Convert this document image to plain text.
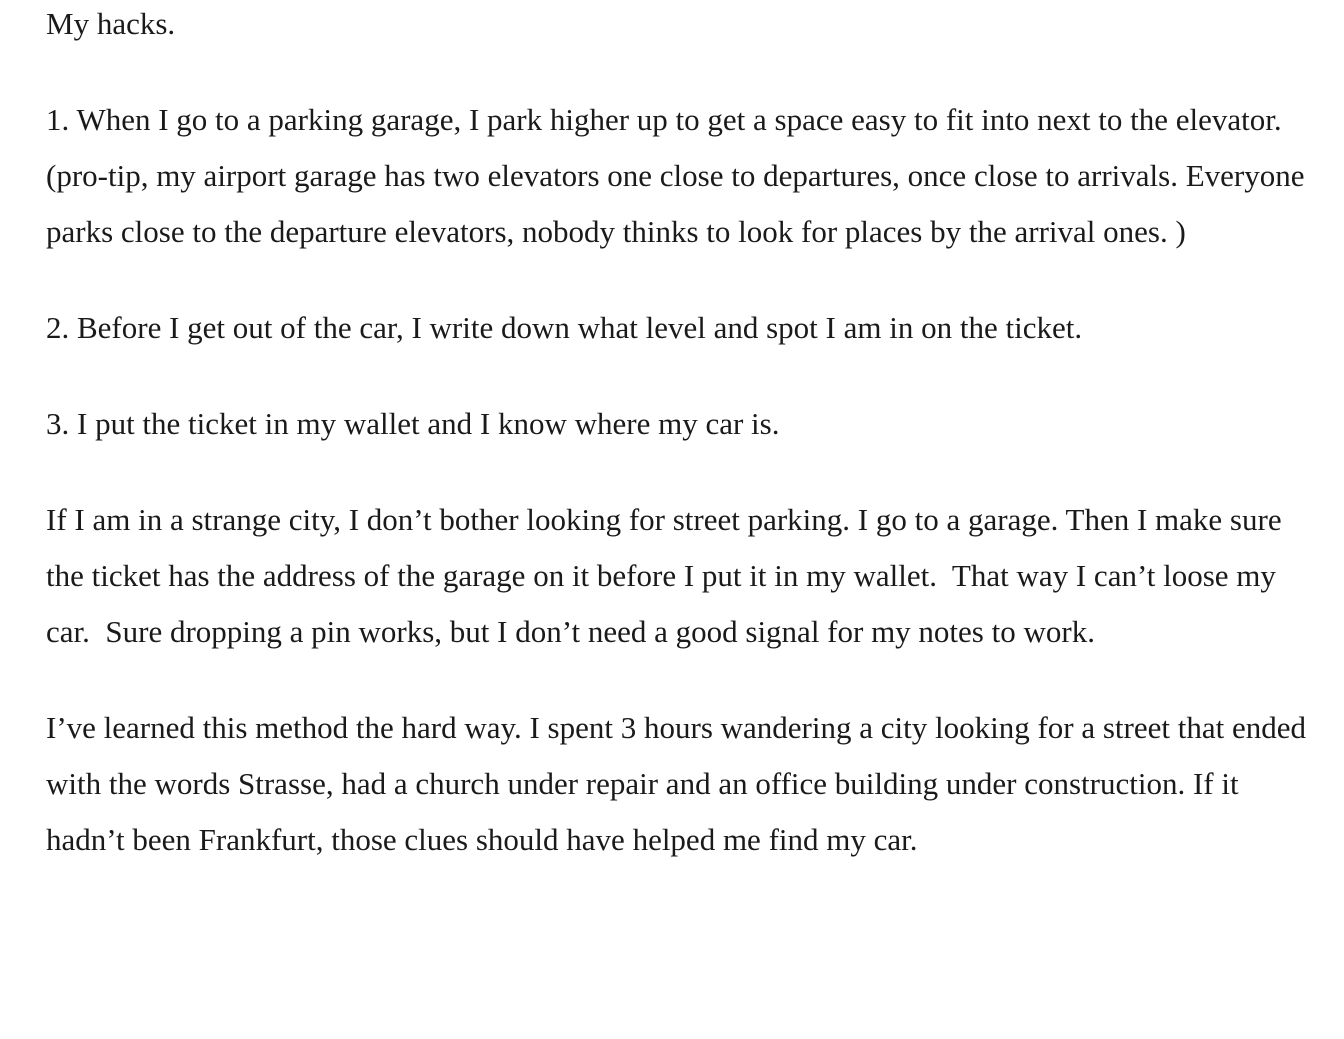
My hacks.

1. When I go to a parking garage, I park higher up to get a space easy to fit into next to the elevator. (pro-tip, my airport garage has two elevators one close to departures, once close to arrivals. Everyone parks close to the departure elevators, nobody thinks to look for places by the arrival ones. )

2. Before I get out of the car, I write down what level and spot I am in on the ticket.

3. I put the ticket in my wallet and I know where my car is.

If I am in a strange city, I don’t bother looking for street parking. I go to a garage. Then I make sure the ticket has the address of the garage on it before I put it in my wallet.  That way I can’t loose my car.  Sure dropping a pin works, but I don’t need a good signal for my notes to work.

I’ve learned this method the hard way. I spent 3 hours wandering a city looking for a street that ended with the words Strasse, had a church under repair and an office building under construction. If it hadn’t been Frankfurt, those clues should have helped me find my car.
